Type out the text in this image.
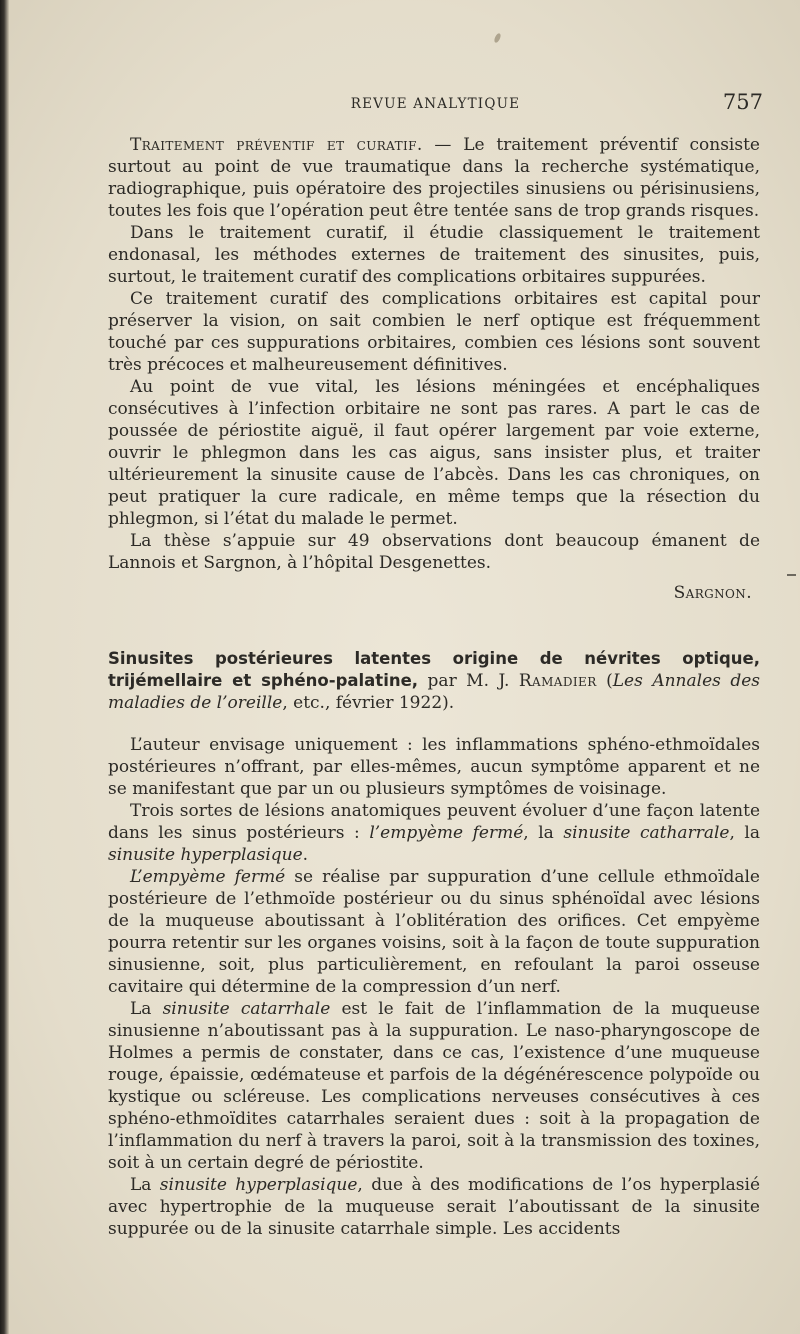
REVUE ANALYTIQUE	757

Traitement préventif et curatif. — Le traitement préventif consiste surtout au point de vue traumatique dans la recherche systématique, radiographique, puis opératoire des projectiles sinusiens ou périsinusiens, toutes les fois que l’opération peut être tentée sans de trop grands risques.

Dans le traitement curatif, il étudie classiquement le traitement endonasal, les méthodes externes de traitement des sinusites, puis, surtout, le traitement curatif des complications orbitaires suppurées.

Ce traitement curatif des complications orbitaires est capital pour préserver la vision, on sait combien le nerf optique est fréquemment touché par ces suppurations orbitaires, combien ces lésions sont souvent très précoces et malheureusement définitives.

Au point de vue vital, les lésions méningées et encéphaliques consécutives à l’infection orbitaire ne sont pas rares. A part le cas de poussée de périostite aiguë, il faut opérer largement par voie externe, ouvrir le phlegmon dans les cas aigus, sans insister plus, et traiter ultérieurement la sinusite cause de l’abcès. Dans les cas chroniques, on peut pratiquer la cure radicale, en même temps que la résection du phlegmon, si l’état du malade le permet.

La thèse s’appuie sur 49 observations dont beaucoup émanent de Lannois et Sargnon, à l’hôpital Desgenettes.

Sargnon.
Sinusites postérieures latentes origine de névrites optique, trijémellaire et sphéno-palatine, par M. J. Ramadier (Les Annales des maladies de l’oreille, etc., février 1922).

L’auteur envisage uniquement : les inflammations sphéno-ethmoïdales postérieures n’offrant, par elles-mêmes, aucun symptôme apparent et ne se manifestant que par un ou plusieurs symptômes de voisinage.

Trois sortes de lésions anatomiques peuvent évoluer d’une façon latente dans les sinus postérieurs : l’empyème fermé, la sinusite catharrale, la sinusite hyperplasique.

L’empyème fermé se réalise par suppuration d’une cellule ethmoïdale postérieure de l’ethmoïde postérieur ou du sinus sphénoïdal avec lésions de la muqueuse aboutissant à l’oblitération des orifices. Cet empyème pourra retentir sur les organes voisins, soit à la façon de toute suppuration sinusienne, soit, plus particulièrement, en refoulant la paroi osseuse cavitaire qui détermine de la compression d’un nerf.

La sinusite catarrhale est le fait de l’inflammation de la muqueuse sinusienne n’aboutissant pas à la suppuration. Le naso-pharyngoscope de Holmes a permis de constater, dans ce cas, l’existence d’une muqueuse rouge, épaissie, œdémateuse et parfois de la dégénérescence polypoïde ou kystique ou scléreuse. Les complications nerveuses consécutives à ces sphéno-ethmoïdites catarrhales seraient dues : soit à la propagation de l’inflammation du nerf à travers la paroi, soit à la transmission des toxines, soit à un certain degré de périostite.

La sinusite hyperplasique, due à des modifications de l’os hyperplasié avec hypertrophie de la muqueuse serait l’aboutissant de la sinusite suppurée ou de la sinusite catarrhale simple. Les accidents
